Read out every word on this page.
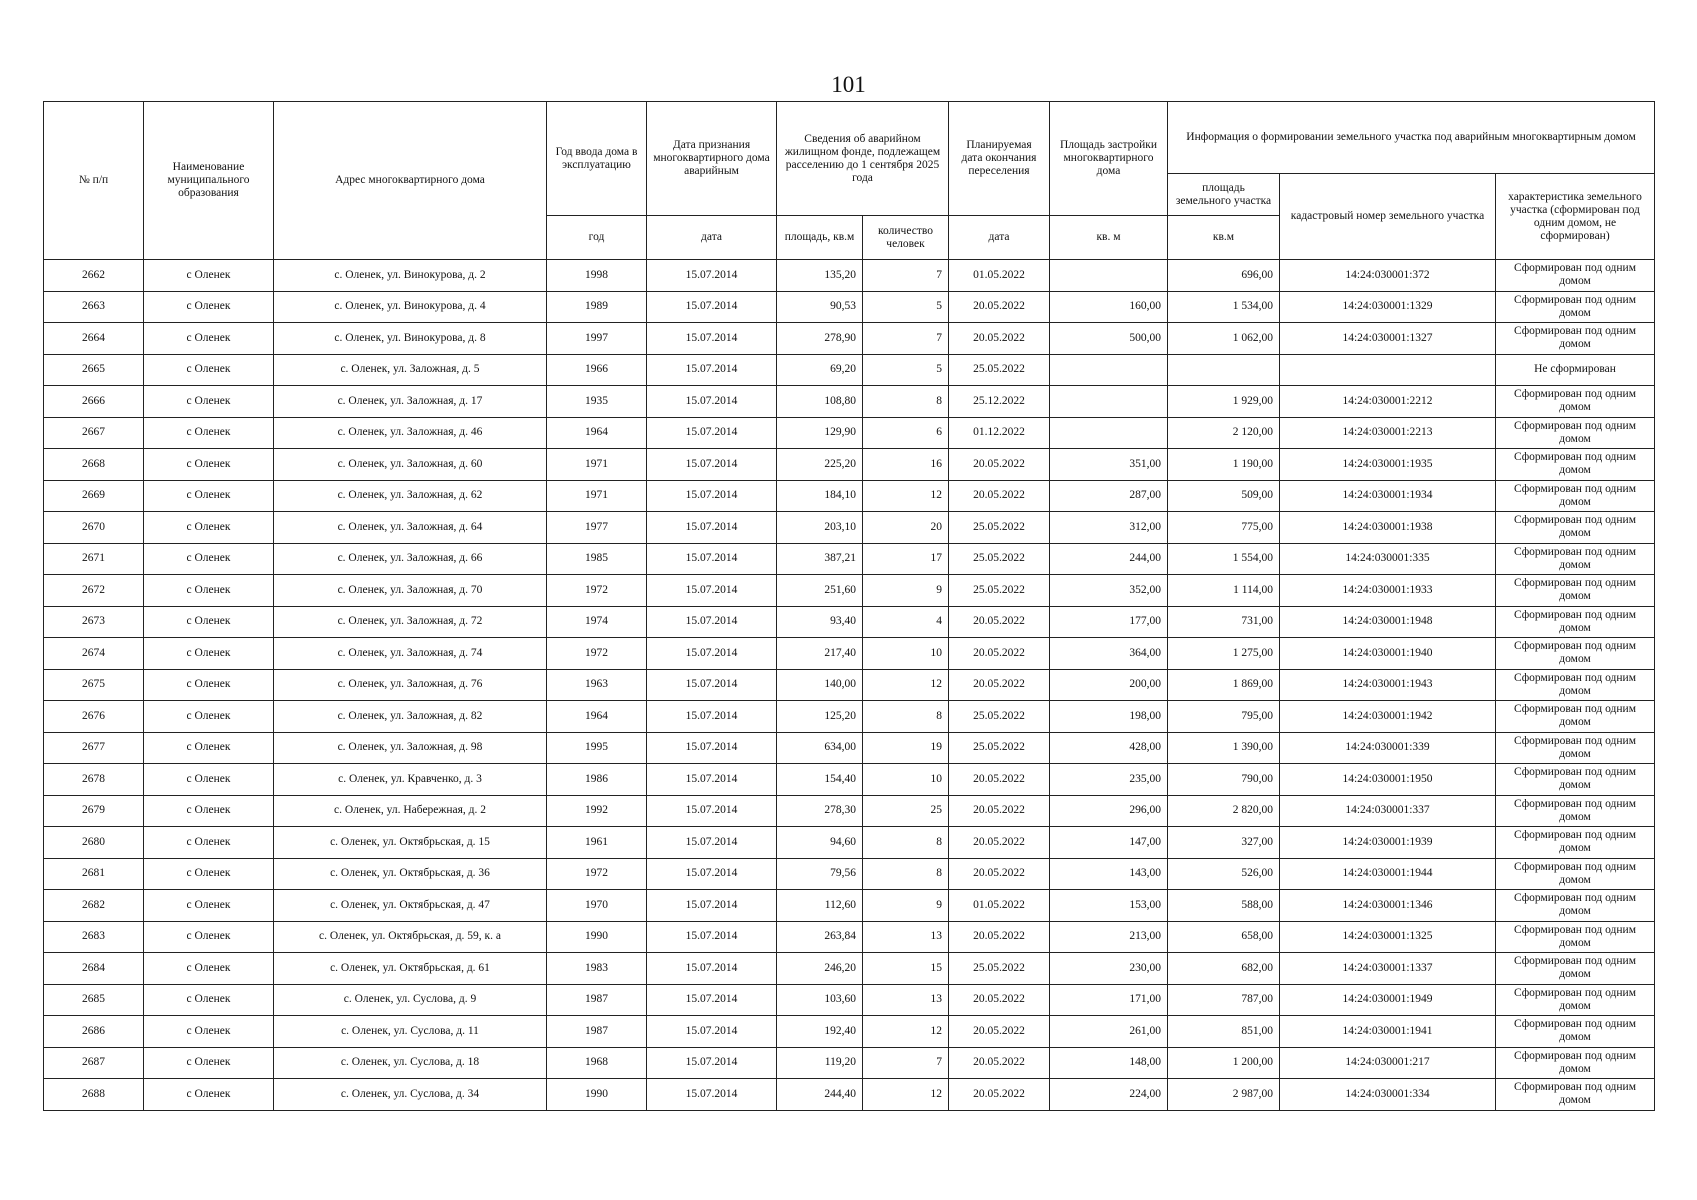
101
№ п/п	Наименование муниципального образования	Адрес многоквартирного дома	Год ввода дома в эксплуатацию	Дата признания многоквартирного дома аварийным	Сведения об аварийном жилищном фонде, подлежащем расселению до 1 сентября 2025 года		Планируемая дата окончания переселения	Площадь застройки многоквартирного дома	Информация о формировании земельного участка под аварийным многоквартирным домом		
									площадь земельного участка	кадастровый номер земельного участка	характеристика земельного участка (сформирован под одним домом, не сформирован)
			год	дата	площадь, кв.м	количество человек	дата	кв. м	кв.м		
2662	с Оленек	с. Оленек, ул. Винокурова, д. 2	1998	15.07.2014	135,20	7	01.05.2022		696,00	14:24:030001:372	Сформирован под одним домом
2663	с Оленек	с. Оленек, ул. Винокурова, д. 4	1989	15.07.2014	90,53	5	20.05.2022	160,00	1 534,00	14:24:030001:1329	Сформирован под одним домом
2664	с Оленек	с. Оленек, ул. Винокурова, д. 8	1997	15.07.2014	278,90	7	20.05.2022	500,00	1 062,00	14:24:030001:1327	Сформирован под одним домом
2665	с Оленек	с. Оленек, ул. Заложная, д. 5	1966	15.07.2014	69,20	5	25.05.2022				Не сформирован
2666	с Оленек	с. Оленек, ул. Заложная, д. 17	1935	15.07.2014	108,80	8	25.12.2022		1 929,00	14:24:030001:2212	Сформирован под одним домом
2667	с Оленек	с. Оленек, ул. Заложная, д. 46	1964	15.07.2014	129,90	6	01.12.2022		2 120,00	14:24:030001:2213	Сформирован под одним домом
2668	с Оленек	с. Оленек, ул. Заложная, д. 60	1971	15.07.2014	225,20	16	20.05.2022	351,00	1 190,00	14:24:030001:1935	Сформирован под одним домом
2669	с Оленек	с. Оленек, ул. Заложная, д. 62	1971	15.07.2014	184,10	12	20.05.2022	287,00	509,00	14:24:030001:1934	Сформирован под одним домом
2670	с Оленек	с. Оленек, ул. Заложная, д. 64	1977	15.07.2014	203,10	20	25.05.2022	312,00	775,00	14:24:030001:1938	Сформирован под одним домом
2671	с Оленек	с. Оленек, ул. Заложная, д. 66	1985	15.07.2014	387,21	17	25.05.2022	244,00	1 554,00	14:24:030001:335	Сформирован под одним домом
2672	с Оленек	с. Оленек, ул. Заложная, д. 70	1972	15.07.2014	251,60	9	25.05.2022	352,00	1 114,00	14:24:030001:1933	Сформирован под одним домом
2673	с Оленек	с. Оленек, ул. Заложная, д. 72	1974	15.07.2014	93,40	4	20.05.2022	177,00	731,00	14:24:030001:1948	Сформирован под одним домом
2674	с Оленек	с. Оленек, ул. Заложная, д. 74	1972	15.07.2014	217,40	10	20.05.2022	364,00	1 275,00	14:24:030001:1940	Сформирован под одним домом
2675	с Оленек	с. Оленек, ул. Заложная, д. 76	1963	15.07.2014	140,00	12	20.05.2022	200,00	1 869,00	14:24:030001:1943	Сформирован под одним домом
2676	с Оленек	с. Оленек, ул. Заложная, д. 82	1964	15.07.2014	125,20	8	25.05.2022	198,00	795,00	14:24:030001:1942	Сформирован под одним домом
2677	с Оленек	с. Оленек, ул. Заложная, д. 98	1995	15.07.2014	634,00	19	25.05.2022	428,00	1 390,00	14:24:030001:339	Сформирован под одним домом
2678	с Оленек	с. Оленек, ул. Кравченко, д. 3	1986	15.07.2014	154,40	10	20.05.2022	235,00	790,00	14:24:030001:1950	Сформирован под одним домом
2679	с Оленек	с. Оленек, ул. Набережная, д. 2	1992	15.07.2014	278,30	25	20.05.2022	296,00	2 820,00	14:24:030001:337	Сформирован под одним домом
2680	с Оленек	с. Оленек, ул. Октябрьская, д. 15	1961	15.07.2014	94,60	8	20.05.2022	147,00	327,00	14:24:030001:1939	Сформирован под одним домом
2681	с Оленек	с. Оленек, ул. Октябрьская, д. 36	1972	15.07.2014	79,56	8	20.05.2022	143,00	526,00	14:24:030001:1944	Сформирован под одним домом
2682	с Оленек	с. Оленек, ул. Октябрьская, д. 47	1970	15.07.2014	112,60	9	01.05.2022	153,00	588,00	14:24:030001:1346	Сформирован под одним домом
2683	с Оленек	с. Оленек, ул. Октябрьская, д. 59, к. а	1990	15.07.2014	263,84	13	20.05.2022	213,00	658,00	14:24:030001:1325	Сформирован под одним домом
2684	с Оленек	с. Оленек, ул. Октябрьская, д. 61	1983	15.07.2014	246,20	15	25.05.2022	230,00	682,00	14:24:030001:1337	Сформирован под одним домом
2685	с Оленек	с. Оленек, ул. Суслова, д. 9	1987	15.07.2014	103,60	13	20.05.2022	171,00	787,00	14:24:030001:1949	Сформирован под одним домом
2686	с Оленек	с. Оленек, ул. Суслова, д. 11	1987	15.07.2014	192,40	12	20.05.2022	261,00	851,00	14:24:030001:1941	Сформирован под одним домом
2687	с Оленек	с. Оленек, ул. Суслова, д. 18	1968	15.07.2014	119,20	7	20.05.2022	148,00	1 200,00	14:24:030001:217	Сформирован под одним домом
2688	с Оленек	с. Оленек, ул. Суслова, д. 34	1990	15.07.2014	244,40	12	20.05.2022	224,00	2 987,00	14:24:030001:334	Сформирован под одним домом
